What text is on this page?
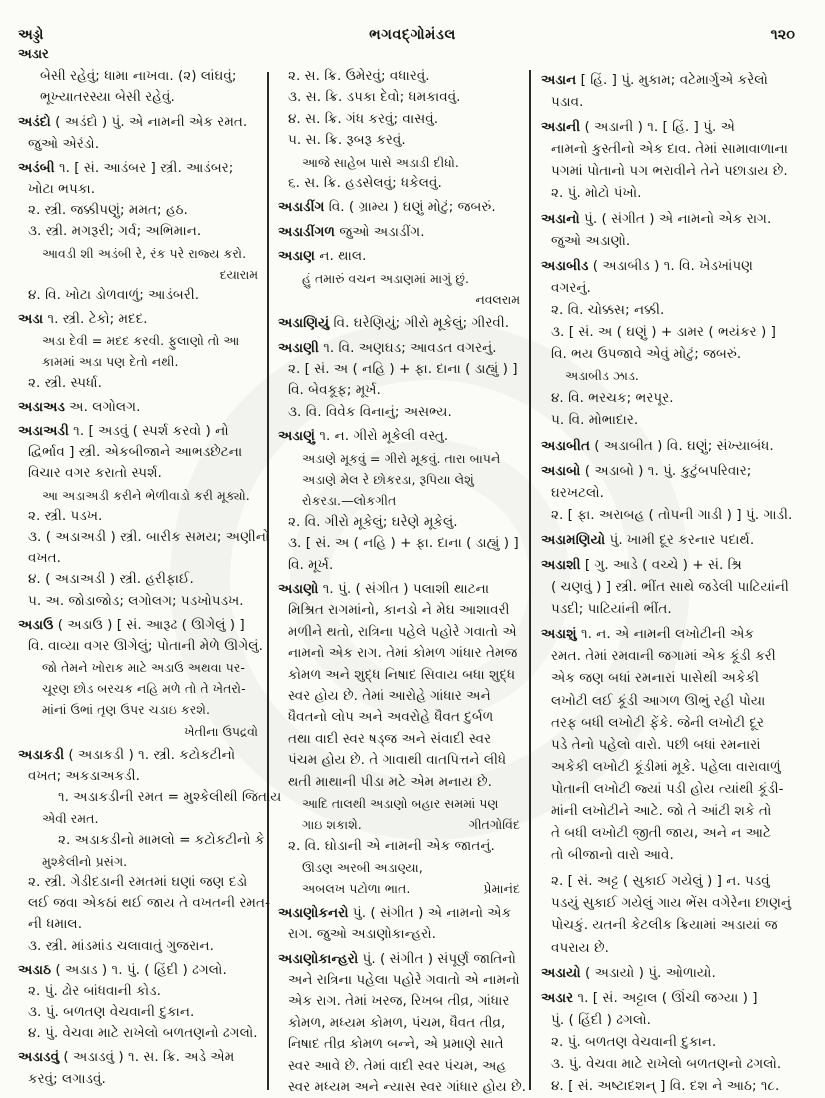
અડ્ડો
અડાર
ભગવદ્ગોમંડલ	૧૨૦
બેસી રહેવું; ધામા નાખવા. (૨) લાંઘવું;
ભૂખ્યાતરસ્યા બેસી રહેવું.
અડંદો ( અડંદો ) પું. એ નામની એક રમત.
જુઓ એરંડો.
અડંબી ૧. [ સં. આડંબર ] સ્ત્રી. આડંબર;
ખોટા ભપકા.
૨. સ્ત્રી. જક્કીપણું; મમત; હઠ.
૩. સ્ત્રી. મગરૂરી; ગર્વ; અભિમાન.
આવડી શી અડંબી રે, રંક પરે રાજ્ય કરો.
દયારામ
૪. વિ. ખોટા ડોળવાળું; આડંબરી.
અડા ૧. સ્ત્રી. ટેકો; મદદ.
અડા દેવી = મદદ કરવી. ફુલાણો તો આ
કામમાં અડા પણ દેતો નથી.
૨. સ્ત્રી. સ્પર્ધા.
અડાઅડ અ. લગોલગ.
અડાઅડી ૧. [ અડવું ( સ્પર્શ કરવો ) નો
દ્વિર્ભાવ ] સ્ત્રી. એકબીજાને આભડછેટના
વિચાર વગર કરાતો સ્પર્શ.
આ અડાઅડી કરીને ભેળીવાડો કરી મૂક્યો.
૨. સ્ત્રી. પડખ.
૩. ( અડાઅડી ) સ્ત્રી. બારીક સમય; અણીનો
વખત.
૪. ( અડાઅડી ) સ્ત્રી. હરીફાઈ.
૫. અ. જોડાજોડ; લગોલગ; પડખોપડખ.
અડાઉ ( અડાઉ ) [ સં. આરૂઢ ( ઊગેલું ) ]
વિ. વાવ્યા વગર ઊગેલું; પોતાની મેળે ઊગેલું.
જો તેમને ખોરાક માટે અડાઉ અથવા પર-
ચૂરણ છોડ બરચક નહિ મળે તો તે ખેતરો-
માંનાં ઉભાં તૃણ ઉપર ચડાઇ કરશે.
ખેતીના ઉપદ્રવો
અડાકડી ( અડાકડી ) ૧. સ્ત્રી. કટોકટીનો
વખત; અકડાઅકડી.
૧. અડાકડીની રમત = મુશ્કેલીથી જિતાય
એવી રમત.
૨. અડાકડીનો મામલો = કટોકટીનો કે
મુશ્કેલીનો પ્રસંગ.
૨. સ્ત્રી. ગેડીદડાની રમતમાં ઘણાં જણ દડો
લઈ જવા એકઠાં થઈ જાય તે વખતની રમત-
ની ધમાલ.
૩. સ્ત્રી. માંડમાંડ ચલાવાતું ગુજરાન.
અડાઠ ( અડાડ ) ૧. પું. ( હિંદી ) ઢગલો.
૨. પું. ઢોર બાંધવાની કોડ.
૩. પું. બળતણ વેચવાની દુકાન.
૪. પું. વેચવા માટે રાખેલો બળતણનો ઢગલો.
અડાડવું ( અડાડવું ) ૧. સ. ક્રિ. અડે એમ
કરવું; લગાડવું.
૨. સ. ક્રિ. ઉમેરવું; વધારવું.
૩. સ. ક્રિ. ડપકા દેવો; ધમકાવવું.
૪. સ. ક્રિ. ગંધ કરવું; વાસવું.
૫. સ. ક્રિ. રૂબરૂ કરવું.
આજે સાહેબ પાસે અડાડી દીધો.
૬. સ. ક્રિ. હડસેલવું; ધકેલવું.
અડાડીંગ વિ. ( ગ્રામ્ય ) ઘણું મોટું; જબરું.
અડાડીંગળ જુઓ અડાડીંગ.
અડાણ ન. થાલ.
હું તમારું વચન અડાણમાં માગું છું.
નવલરામ
અડાણિયું વિ. ઘરેણિયું; ગીરો મૂકેલું; ગીરવી.
અડાણી ૧. વિ. અણઘડ; આવડત વગરનું.
૨. [ સં. અ ( નહિ ) + ફા. દાના ( ડાહ્યું ) ]
વિ. બેવકૂફ; મૂર્ખ.
૩. વિ. વિવેક વિનાનું; અસભ્ય.
અડાણું ૧. ન. ગીરો મૂકેલી વસ્તુ.
અડાણે મૂકવું = ગીરો મૂકવું. તારા બાપને
અડાણે મેલ રે છોકરડા, રૂપિયા લેશું
રોકરડા.—લોકગીત
૨. વિ. ગીરો મૂકેલું; ઘરેણે મૂકેલું.
૩. [ સં. અ ( નહિ ) + ફા. દાના ( ડાહ્યું ) ]
વિ. મૂર્ખ.
અડાણો ૧. પું. ( સંગીત ) પલાશી થાટના
મિશ્રિત રાગમાંનો, કાનડો ને મેઘ આશાવરી
મળીને થતો, રાત્રિના પહેલે પહોરે ગવાતો એ
નામનો એક રાગ. તેમાં કોમળ ગાંધાર તેમજ
કોમળ અને શુદ્ધ નિષાદ સિવાય બધા શુદ્ધ
સ્વર હોય છે. તેમાં આરોહે ગાંધાર અને
ધૈવતનો લોપ અને અવરોહે ધૈવત દુર્બળ
તથા વાદી સ્વર ષડ્જ અને સંવાદી સ્વર
પંચમ હોય છે. તે ગાવાથી વાતપિત્તને લીધે
થતી માથાની પીડા મટે એમ મનાય છે.
આદિ તાલથી અડાણો બહાર સમમાં પણ
ગાઇ શકાશે.	ગીતગોવિંદ
૨. વિ. ઘોડાની એ નામની એક જાતનું.
ઊડણ અરબી અડાણ્યા,
અબલખ પટોળા ભાત.	પ્રેમાનંદ
અડાણોકનરો પું. ( સંગીત ) એ નામનો એક
રાગ. જુઓ અડાણોકાન્હરો.
અડાણોકાન્હરો પું. ( સંગીત ) સંપૂર્ણ જાતિનો
અને રાત્રિના પહેલા પહોરે ગવાતો એ નામનો
એક રાગ. તેમાં ખરજ, રિખબ તીવ્ર, ગાંધાર
કોમળ, મધ્યમ કોમળ, પંચમ, ધૈવત તીવ્ર,
નિષાદ તીવ્ર કોમળ બન્ને, એ પ્રમાણે સાતે
સ્વર આવે છે. તેમાં વાદી સ્વર પંચમ, અહ
સ્વર મધ્યમ અને ન્યાસ સ્વર ગાંધાર હોય છે.
અડાન [ હિં. ] પું. મુકામ; વટેમાર્ગુએ કરેલો
પડાવ.
અડાની ( અડાની ) ૧. [ હિં. ] પું. એ
નામનો કુસ્તીનો એક દાવ. તેમાં સામાવાળાના
પગમાં પોતાનો પગ ભરાવીને તેને પછાડાય છે.
૨. પું. મોટો પંખો.
અડાનો પું. ( સંગીત ) એ નામનો એક રાગ.
જુઓ અડાણો.
અડાબીડ ( અડાબીડ ) ૧. વિ. ખેડખાંપણ
વગરનું.
૨. વિ. ચોક્કસ; નક્કી.
૩. [ સં. અ ( ઘણું ) + ડામર ( ભયંકર ) ]
વિ. ભય ઉપજાવે એવું મોટું; જબરું.
અડાબીડ ઝાડ.
૪. વિ. ભરચક; ભરપૂર.
૫. વિ. મોભાદાર.
અડાબીત ( અડાબીત ) વિ. ઘણું; સંખ્યાબંધ.
અડાબો ( અડાબો ) ૧. પું. કુટુંબપરિવાર;
ઘરખટલો.
૨. [ ફા. અરાબહ ( તોપની ગાડી ) ] પું. ગાડી.
અડામણિયો પું. ખામી દૂર કરનાર પદાર્થ.
અડાશી [ ગુ. આડે ( વચ્ચે ) + સં. શ્રિ
( ચણવું ) ] સ્ત્રી. ભીંત સાથે જડેલી પાટિયાંની
પડદી; પાટિયાંની ભીંત.
અડાશું ૧. ન. એ નામની લખોટીની એક
રમત. તેમાં રમવાની જગામાં એક કૂંડી કરી
એક જણ બધાં રમનારાં પાસેથી અકેકી
લખોટી લઈ કૂંડી આગળ ઊભું રહી પોયા
તરફ બધી લખોટી ફેંકે. જેની લખોટી દૂર
પડે તેનો પહેલો વારો. પછી બધાં રમનારાં
અકેકી લખોટી કૂંડીમાં મૂકે. પહેલા વારાવાળું
પોતાની લખોટી જ્યાં પડી હોય ત્યાંથી કૂંડી-
માંની લખોટીને આટે. જો તે આંટી શકે તો
તે બધી લખોટી જીતી જાય, અને ન આટે
તો બીજાનો વારો આવે.
૨. [ સં. અટ્ટ ( સુકાઈ ગયેલું ) ] ન. પડવું
પડયું સુકાઈ ગયેલું ગાય ભેંસ વગેરેના છાણનું
પોચકું. યતની કેટલીક ક્રિયામાં અડાયાં જ
વપરાય છે.
અડાયો ( અડાયો ) પું. ઓળાયો.
અડાર ૧. [ સં. અટ્ટાલ ( ઊંચી જગ્યા ) ]
પું. ( હિંદી ) ઢગલો.
૨. પું. બળતણ વેચવાની દુકાન.
૩. પું. વેચવા માટે રાખેલો બળતણનો ઢગલો.
૪. [ સં. અષ્ટાદશન્ ] વિ. દશ ને આઠ; ૧૮.
